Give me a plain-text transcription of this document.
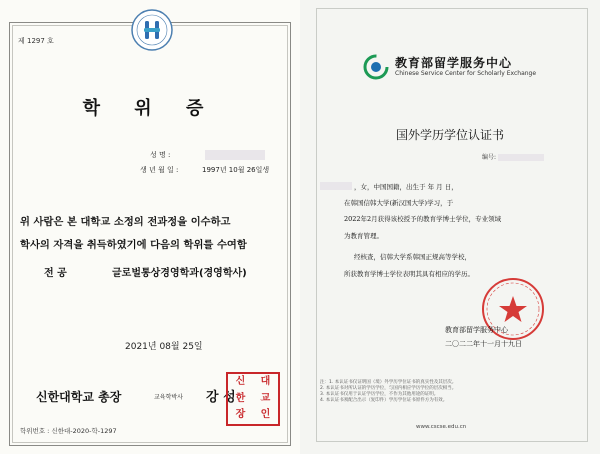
제 1297 호
학 위 증
성 명 :
생 년 월 일 :	1997년 10월 26일생
위 사람은 본 대학교 소정의 전과정을 이수하고
학사의 자격을 취득하였기에 다음의 학위를 수여함
전 공	글로벌통상경영학과(경영학사)
2021년 08월 25일
신한대학교 총장	교육학박사 강 성
신	대
한	교
장	인
학위번호 : 신한대-2020-학-1297
教育部留学服务中心
Chinese Service Center for Scholarly Exchange
国外学历学位认证书
编号:
，女，中国国籍，出生于 年 月 日，
在韩国信韩大学(新汉国大学)学习，于
2022年2月获得该校授予的教育学博士学位，专业领域
为教育管理。
经核查，信韩大学系韩国正规高等学校，
所获教育学博士学位表明其具有相应的学历。
教育部留学服务中心
二〇二二年十一月十九日
注：1. 本认证书仅证明国（境）外学历学位证书的真实性及其层次。
2. 本认证书对所认证的学历学位，与国内相应学历学位的层次相当。
3. 本认证书仅用于认证学历学位，不作为其他用途的证明。
4. 本认证书须配合出示（复印件）学历学位证书原件方为有效。
www.cscse.edu.cn
